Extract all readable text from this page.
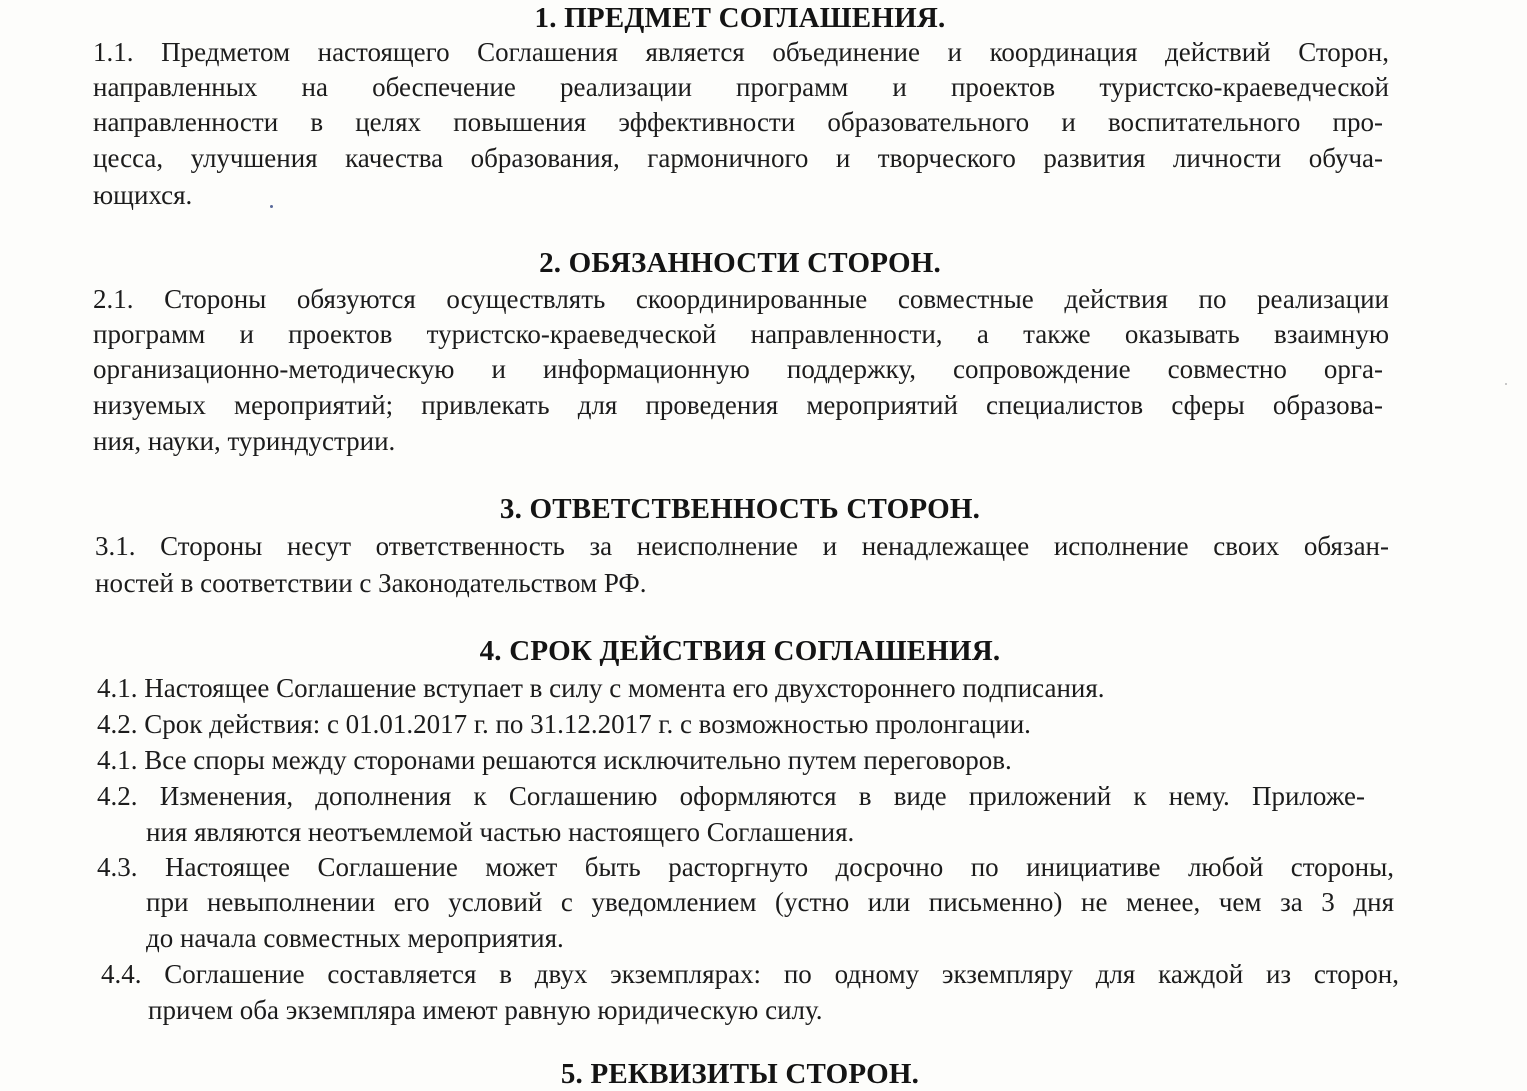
1. ПРЕДМЕТ СОГЛАШЕНИЯ.
1.1. Предметом настоящего Соглашения является объединение и координация действий Сторон,
направленных на обеспечение реализации программ и проектов туристско-краеведческой
направленности в целях повышения эффективности образовательного и воспитательного про-
цесса, улучшения качества образования, гармоничного и творческого развития личности обуча-
ющихся.
2. ОБЯЗАННОСТИ СТОРОН.
2.1. Стороны обязуются осуществлять скоординированные совместные действия по реализации
программ и проектов туристско-краеведческой направленности, а также оказывать взаимную
организационно-методическую и информационную поддержку, сопровождение совместно орга-
низуемых мероприятий; привлекать для проведения мероприятий специалистов сферы образова-
ния, науки, туриндустрии.
3. ОТВЕТСТВЕННОСТЬ СТОРОН.
3.1. Стороны несут ответственность за неисполнение и ненадлежащее исполнение своих обязан-
ностей в соответствии с Законодательством РФ.
4. СРОК ДЕЙСТВИЯ СОГЛАШЕНИЯ.
4.1. Настоящее Соглашение вступает в силу с момента его двухстороннего подписания.
4.2. Срок действия: с 01.01.2017 г. по 31.12.2017 г. с возможностью пролонгации.
4.1. Все споры между сторонами решаются исключительно путем переговоров.
4.2. Изменения, дополнения к Соглашению оформляются в виде приложений к нему. Приложе-
ния являются неотъемлемой частью настоящего Соглашения.
4.3. Настоящее Соглашение может быть расторгнуто досрочно по инициативе любой стороны,
при невыполнении его условий с уведомлением (устно или письменно) не менее, чем за 3 дня
до начала совместных мероприятия.
4.4. Соглашение составляется в двух экземплярах: по одному экземпляру для каждой из сторон,
причем оба экземпляра имеют равную юридическую силу.
5. РЕКВИЗИТЫ СТОРОН.
